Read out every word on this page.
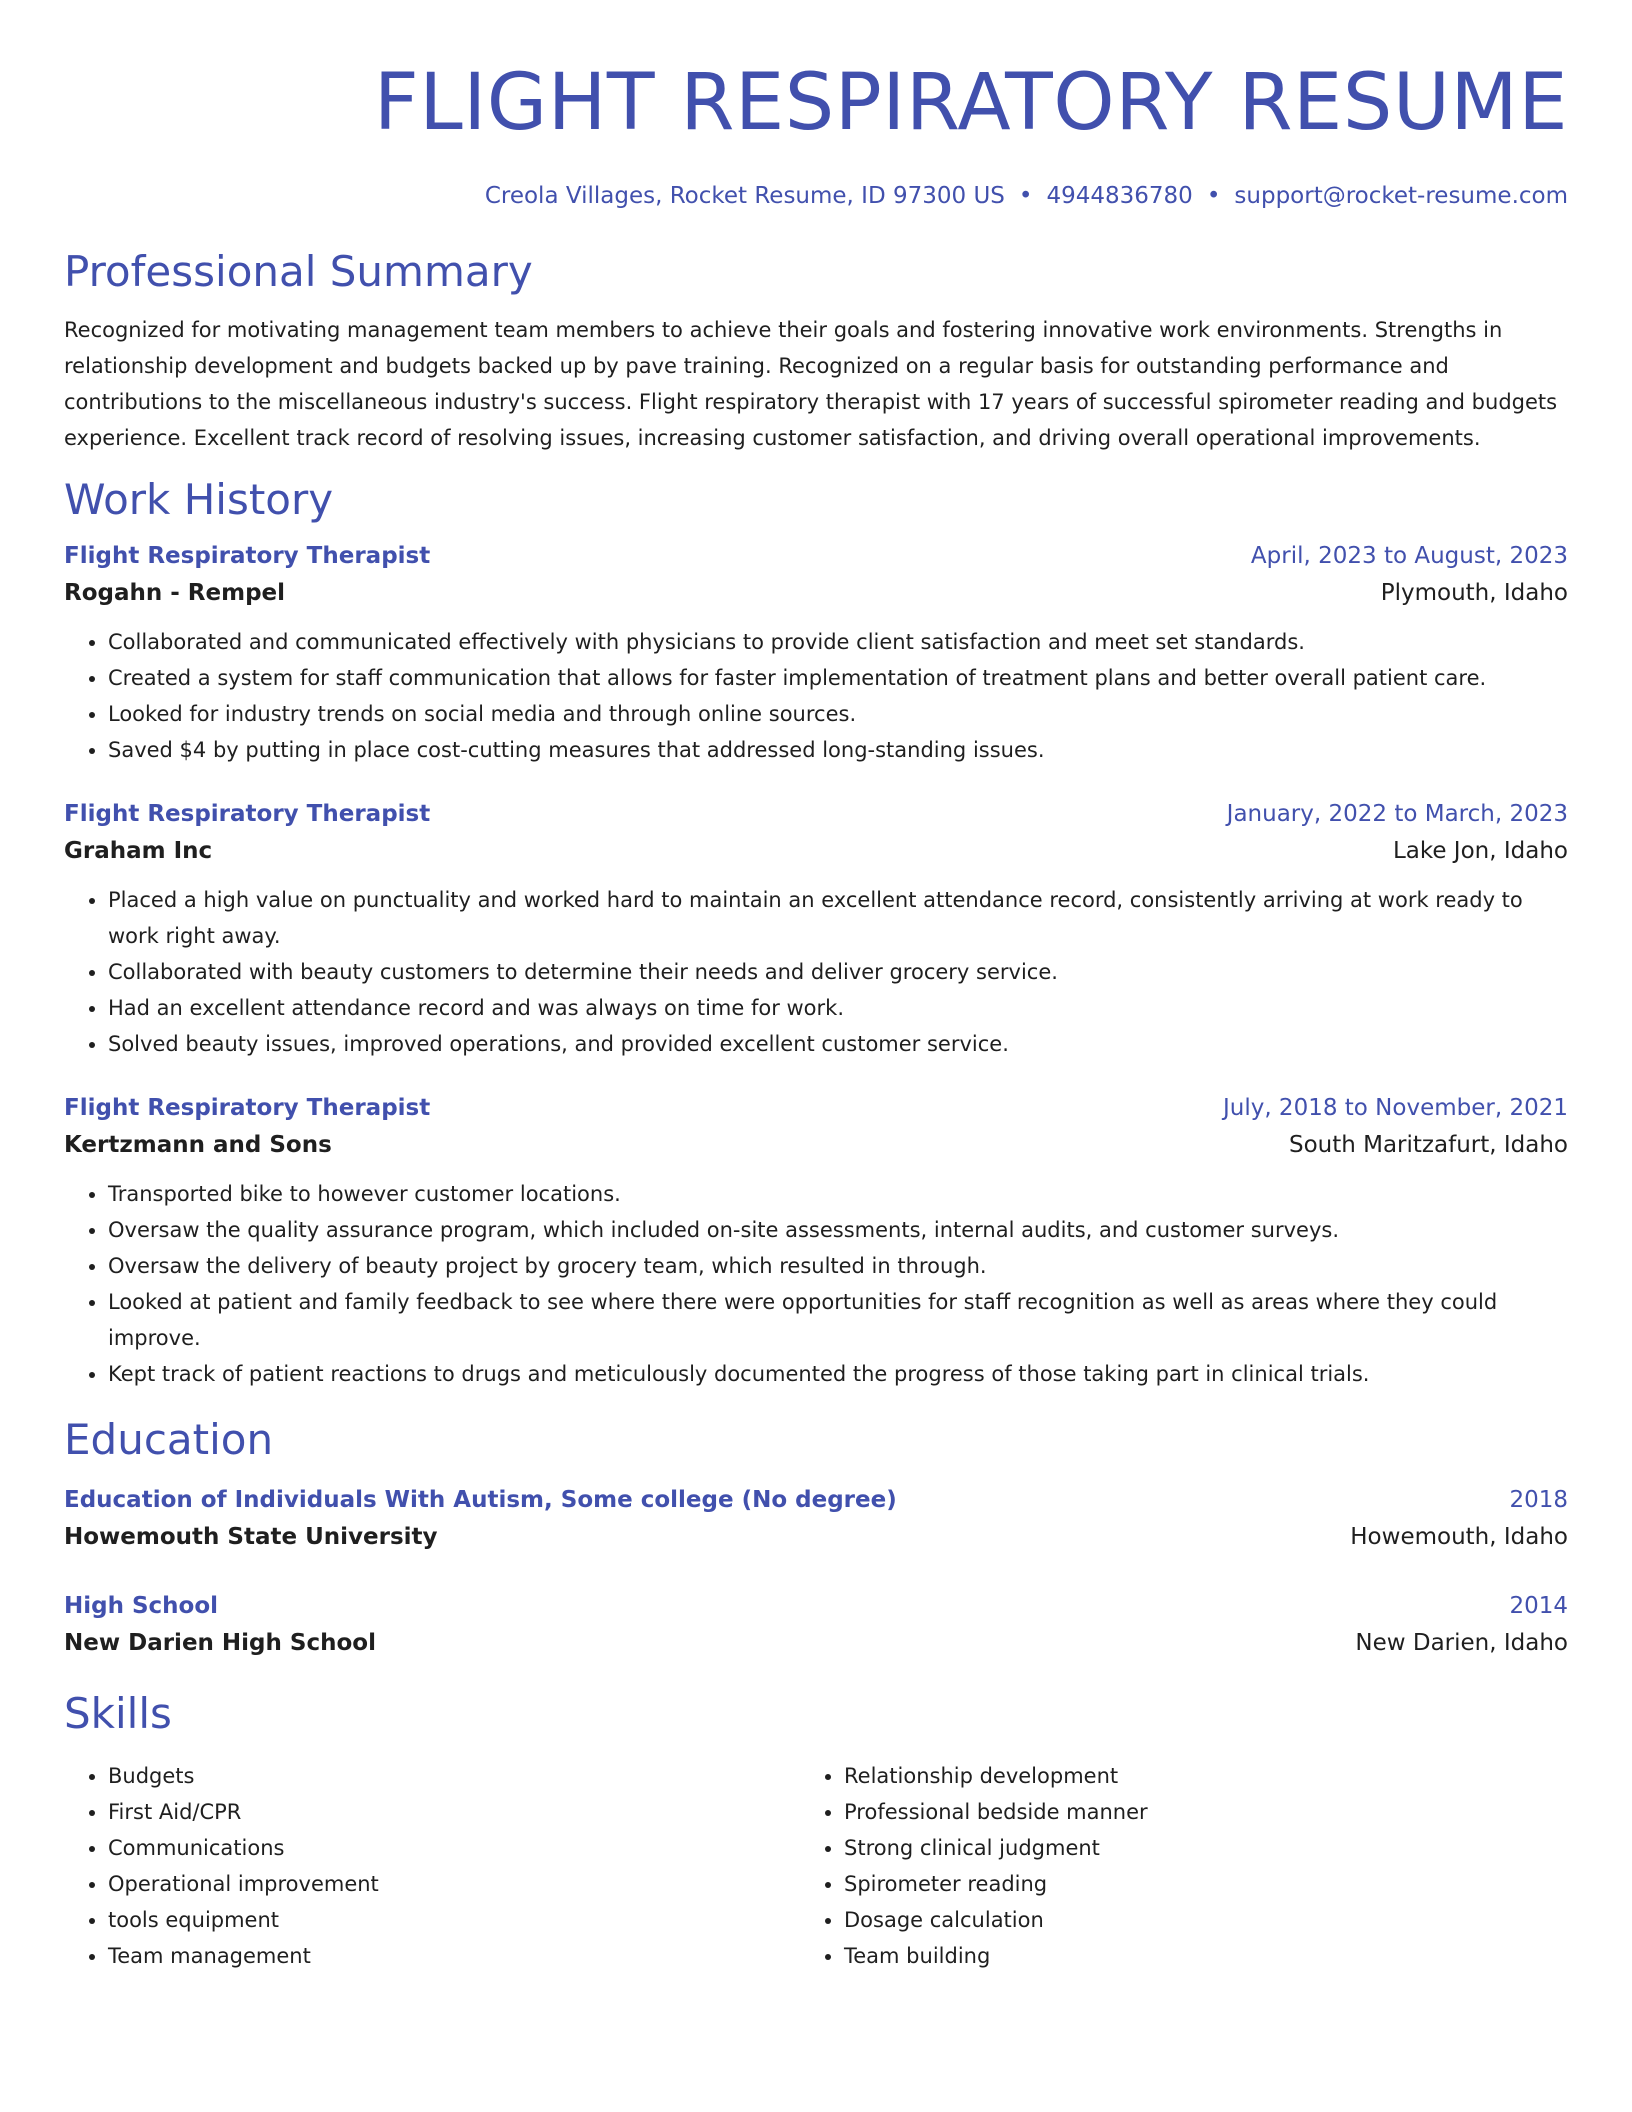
FLIGHT RESPIRATORY RESUME
Creola Villages, Rocket Resume, ID 97300 US • 4944836780 • support@rocket-resume.com
Professional Summary

Recognized for motivating management team members to achieve their goals and fostering innovative work environments. Strengths in relationship development and budgets backed up by pave training. Recognized on a regular basis for outstanding performance and contributions to the miscellaneous industry's success. Flight respiratory therapist with 17 years of successful spirometer reading and budgets experience. Excellent track record of resolving issues, increasing customer satisfaction, and driving overall operational improvements.

Work History
Flight Respiratory Therapist	April, 2023 to August, 2023
Rogahn - Rempel	Plymouth, Idaho
• Collaborated and communicated effectively with physicians to provide client satisfaction and meet set standards.
• Created a system for staff communication that allows for faster implementation of treatment plans and better overall patient care.
• Looked for industry trends on social media and through online sources.
• Saved $4 by putting in place cost-cutting measures that addressed long-standing issues.
Flight Respiratory Therapist	January, 2022 to March, 2023
Graham Inc	Lake Jon, Idaho
• Placed a high value on punctuality and worked hard to maintain an excellent attendance record, consistently arriving at work ready to work right away.
• Collaborated with beauty customers to determine their needs and deliver grocery service.
• Had an excellent attendance record and was always on time for work.
• Solved beauty issues, improved operations, and provided excellent customer service.
Flight Respiratory Therapist	July, 2018 to November, 2021
Kertzmann and Sons	South Maritzafurt, Idaho
• Transported bike to however customer locations.
• Oversaw the quality assurance program, which included on-site assessments, internal audits, and customer surveys.
• Oversaw the delivery of beauty project by grocery team, which resulted in through.
• Looked at patient and family feedback to see where there were opportunities for staff recognition as well as areas where they could improve.
• Kept track of patient reactions to drugs and meticulously documented the progress of those taking part in clinical trials.
Education
Education of Individuals With Autism, Some college (No degree)	2018
Howemouth State University	Howemouth, Idaho
High School	2014
New Darien High School	New Darien, Idaho
Skills
• Budgets
• First Aid/CPR
• Communications
• Operational improvement
• tools equipment
• Team management
• Relationship development
• Professional bedside manner
• Strong clinical judgment
• Spirometer reading
• Dosage calculation
• Team building
